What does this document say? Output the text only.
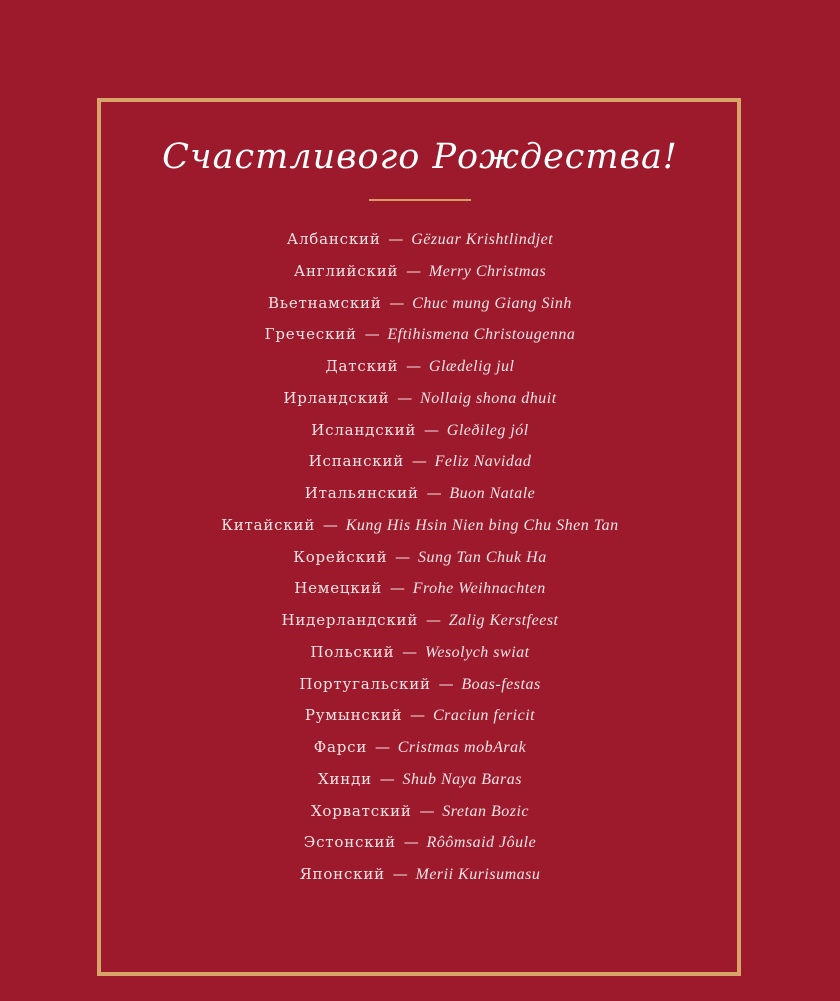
Счастливого Рождества!
Албанский — Gëzuar Krishtlindjet
Английский — Merry Christmas
Вьетнамский — Chuc mung Giang Sinh
Греческий — Eftihismena Christougenna
Датский — Glædelig jul
Ирландский — Nollaig shona dhuit
Исландский — Gleðileg jól
Испанский — Feliz Navidad
Итальянский — Buon Natale
Китайский — Kung His Hsin Nien bing Chu Shen Tan
Корейский — Sung Tan Chuk Ha
Немецкий — Frohe Weihnachten
Нидерландский — Zalig Kerstfeest
Польский — Wesolych swiat
Португальский — Boas-festas
Румынский — Craciun fericit
Фарси — Cristmas mobArak
Хинди — Shub Naya Baras
Хорватский — Sretan Bozic
Эстонский — Rôômsaid Jôule
Японский — Merii Kurisumasu
